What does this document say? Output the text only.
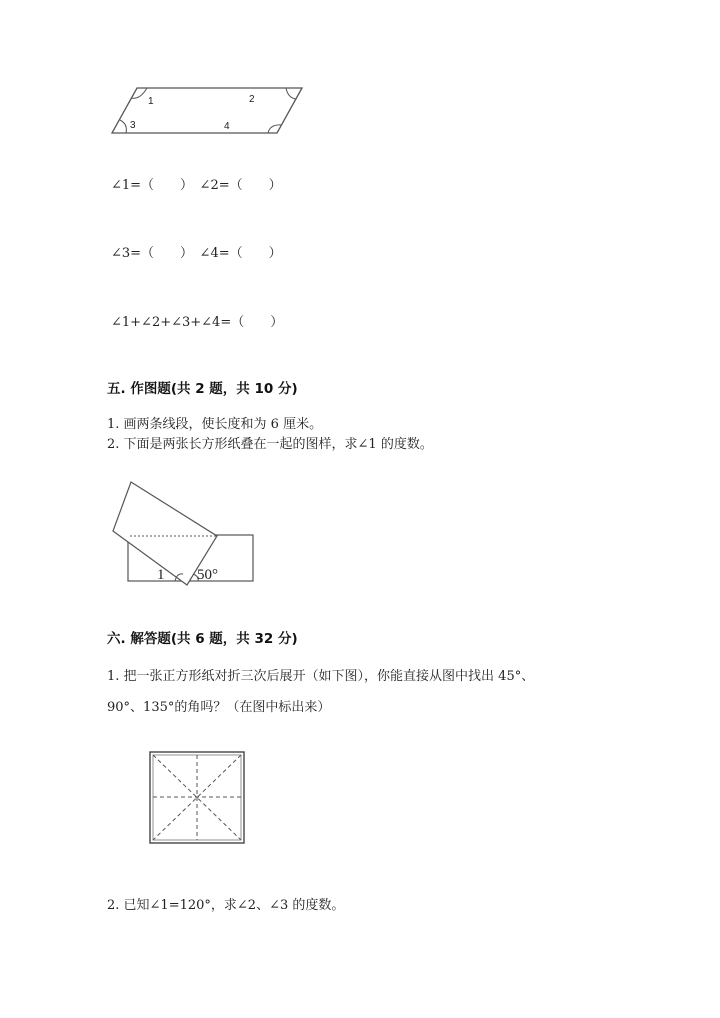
1	2
3	4
∠1=（　　）　∠2=（　　）
∠3=（　　）　∠4=（　　）
∠1+∠2+∠3+∠4=（　　）
五. 作图题(共 2 题，共 10 分)
1. 画两条线段，使长度和为 6 厘米。
2. 下面是两张长方形纸叠在一起的图样，求∠1 的度数。
1 50°
六. 解答题(共 6 题，共 32 分)
1. 把一张正方形纸对折三次后展开（如下图），你能直接从图中找出 45°、
90°、135°的角吗？（在图中标出来）
2. 已知∠1=120°，求∠2、∠3 的度数。
